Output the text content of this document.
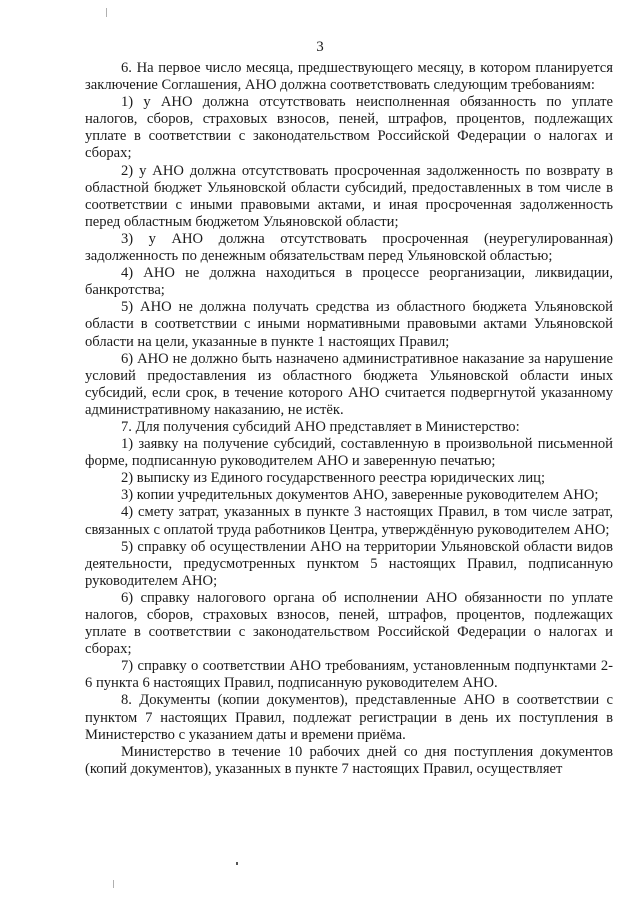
3

6. На первое число месяца, предшествующего месяцу, в котором планируется заключение Соглашения, АНО должна соответствовать следующим требованиям:

1) у АНО должна отсутствовать неисполненная обязанность по уплате налогов, сборов, страховых взносов, пеней, штрафов, процентов, подлежащих уплате в соответствии с законодательством Российской Федерации о налогах и сборах;

2) у АНО должна отсутствовать просроченная задолженность по возврату в областной бюджет Ульяновской области субсидий, предоставленных в том числе в соответствии с иными правовыми актами, и иная просроченная задолженность перед областным бюджетом Ульяновской области;

3) у АНО должна отсутствовать просроченная (неурегулированная) задолженность по денежным обязательствам перед Ульяновской областью;

4) АНО не должна находиться в процессе реорганизации, ликвидации, банкротства;

5) АНО не должна получать средства из областного бюджета Ульяновской области в соответствии с иными нормативными правовыми актами Ульяновской области на цели, указанные в пункте 1 настоящих Правил;

6) АНО не должно быть назначено административное наказание за нарушение условий предоставления из областного бюджета Ульяновской области иных субсидий, если срок, в течение которого АНО считается подвергнутой указанному административному наказанию, не истёк.

7. Для получения субсидий АНО представляет в Министерство:

1) заявку на получение субсидий, составленную в произвольной письменной форме, подписанную руководителем АНО и заверенную печатью;

2) выписку из Единого государственного реестра юридических лиц;

3) копии учредительных документов АНО, заверенные руководителем АНО;

4) смету затрат, указанных в пункте 3 настоящих Правил, в том числе затрат, связанных с оплатой труда работников Центра, утверждённую руководителем АНО;

5) справку об осуществлении АНО на территории Ульяновской области видов деятельности, предусмотренных пунктом 5 настоящих Правил, подписанную руководителем АНО;

6) справку налогового органа об исполнении АНО обязанности по уплате налогов, сборов, страховых взносов, пеней, штрафов, процентов, подлежащих уплате в соответствии с законодательством Российской Федерации о налогах и сборах;

7) справку о соответствии АНО требованиям, установленным подпунктами 2-6 пункта 6 настоящих Правил, подписанную руководителем АНО.

8. Документы (копии документов), представленные АНО в соответствии с пунктом 7 настоящих Правил, подлежат регистрации в день их поступления в Министерство с указанием даты и времени приёма.

Министерство в течение 10 рабочих дней со дня поступления документов (копий документов), указанных в пункте 7 настоящих Правил, осуществляет
